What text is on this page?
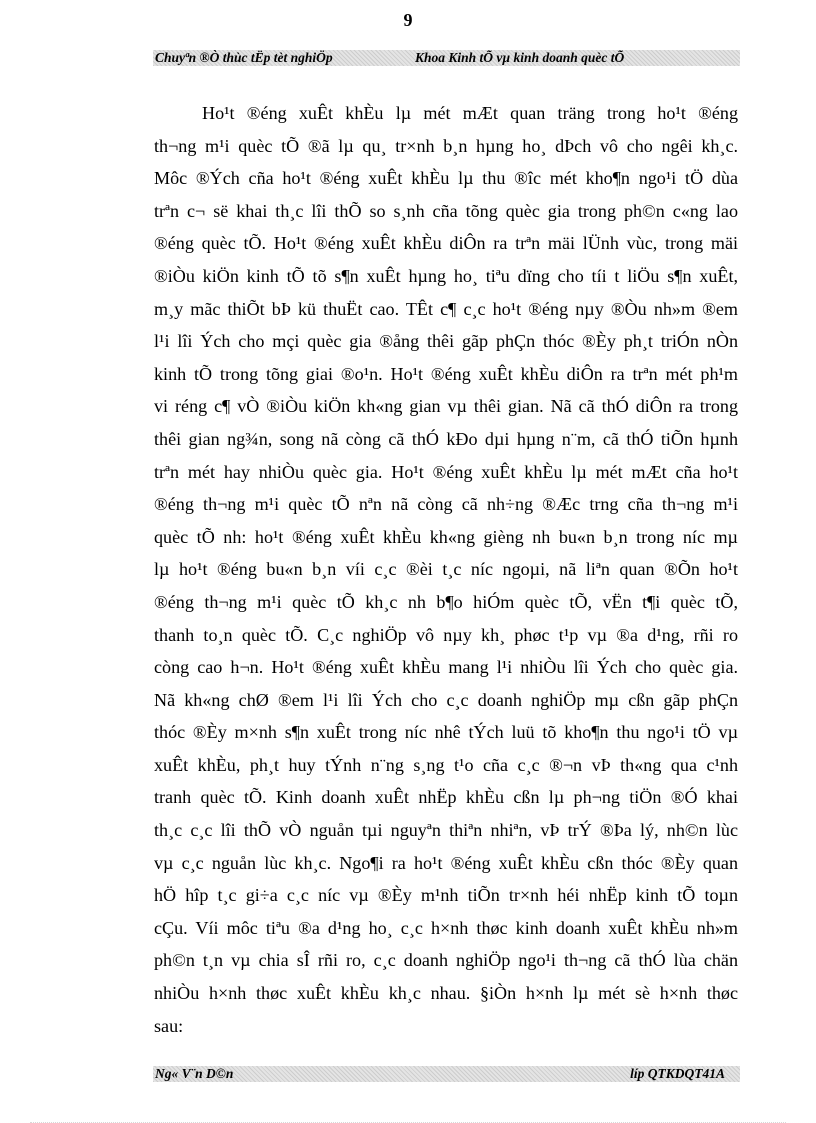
9
Chuyªn ®Ò thùc tËp tèt nghiÖp	Khoa Kinh tÕ vµ kinh doanh quèc tÕ
Ho¹t ®éng xuÊt khÈu lµ mét mÆt quan träng trong ho¹t ®éng
th¬ng m¹i quèc tÕ ®ã lµ qu¸ tr×nh b¸n hµng ho¸ dÞch vô cho ngêi kh¸c.
Môc ®Ých cña ho¹t ®éng xuÊt khÈu lµ thu ®îc mét kho¶n ngo¹i tÖ dùa
trªn c¬ së khai th¸c lîi thÕ so s¸nh cña tõng quèc gia trong ph©n c«ng lao
®éng quèc tÕ. Ho¹t ®éng xuÊt khÈu diÔn ra trªn mäi lÜnh vùc, trong mäi
®iÒu kiÖn kinh tÕ tõ s¶n xuÊt hµng ho¸ tiªu dïng cho tíi t liÖu s¶n xuÊt,
m¸y mãc thiÕt bÞ kü thuËt cao. TÊt c¶ c¸c ho¹t ®éng nµy ®Òu nh»m ®em
l¹i lîi Ých cho mçi quèc gia ®ång thêi gãp phÇn thóc ®Èy ph¸t triÓn nÒn
kinh tÕ trong tõng giai ®o¹n. Ho¹t ®éng xuÊt khÈu diÔn ra trªn mét ph¹m
vi réng c¶ vÒ ®iÒu kiÖn kh«ng gian vµ thêi gian. Nã cã thÓ diÔn ra trong
thêi gian ng¾n, song nã còng cã thÓ kÐo dµi hµng n¨m, cã thÓ tiÕn hµnh
trªn mét hay nhiÒu quèc gia. Ho¹t ®éng xuÊt khÈu lµ mét mÆt cña ho¹t
®éng th¬ng m¹i quèc tÕ nªn nã còng cã nh÷ng ®Æc trng cña th¬ng m¹i
quèc tÕ nh: ho¹t ®éng xuÊt khÈu kh«ng gièng nh bu«n b¸n trong níc mµ
lµ ho¹t ®éng bu«n b¸n víi c¸c ®èi t¸c níc ngoµi, nã liªn quan ®Õn ho¹t
®éng th¬ng m¹i quèc tÕ kh¸c nh b¶o hiÓm quèc tÕ, vËn t¶i quèc tÕ,
thanh to¸n quèc tÕ. C¸c nghiÖp vô nµy kh¸ phøc t¹p vµ ®a d¹ng, rñi ro
còng cao h¬n. Ho¹t ®éng xuÊt khÈu mang l¹i nhiÒu lîi Ých cho quèc gia.
Nã kh«ng chØ ®em l¹i lîi Ých cho c¸c doanh nghiÖp mµ cßn gãp phÇn
thóc ®Èy m×nh s¶n xuÊt trong níc nhê tÝch luü tõ kho¶n thu ngo¹i tÖ vµ
xuÊt khÈu, ph¸t huy tÝnh n¨ng s¸ng t¹o cña c¸c ®¬n vÞ th«ng qua c¹nh
tranh quèc tÕ. Kinh doanh xuÊt nhËp khÈu cßn lµ ph¬ng tiÖn ®Ó khai
th¸c c¸c lîi thÕ vÒ nguån tµi nguyªn thiªn nhiªn, vÞ trÝ ®Þa lý, nh©n lùc
vµ c¸c nguån lùc kh¸c. Ngo¶i ra ho¹t ®éng xuÊt khÈu cßn thóc ®Èy quan
hÖ hîp t¸c gi÷a c¸c níc vµ ®Èy m¹nh tiÕn tr×nh héi nhËp kinh tÕ toµn
cÇu. Víi môc tiªu ®a d¹ng ho¸ c¸c h×nh thøc kinh doanh xuÊt khÈu nh»m
ph©n t¸n vµ chia sÎ rñi ro, c¸c doanh nghiÖp ngo¹i th¬ng cã thÓ lùa chän
nhiÒu h×nh thøc xuÊt khÈu kh¸c nhau. §iÒn h×nh lµ mét sè h×nh thøc
sau:
Ng« V¨n D©n	líp QTKDQT41A
